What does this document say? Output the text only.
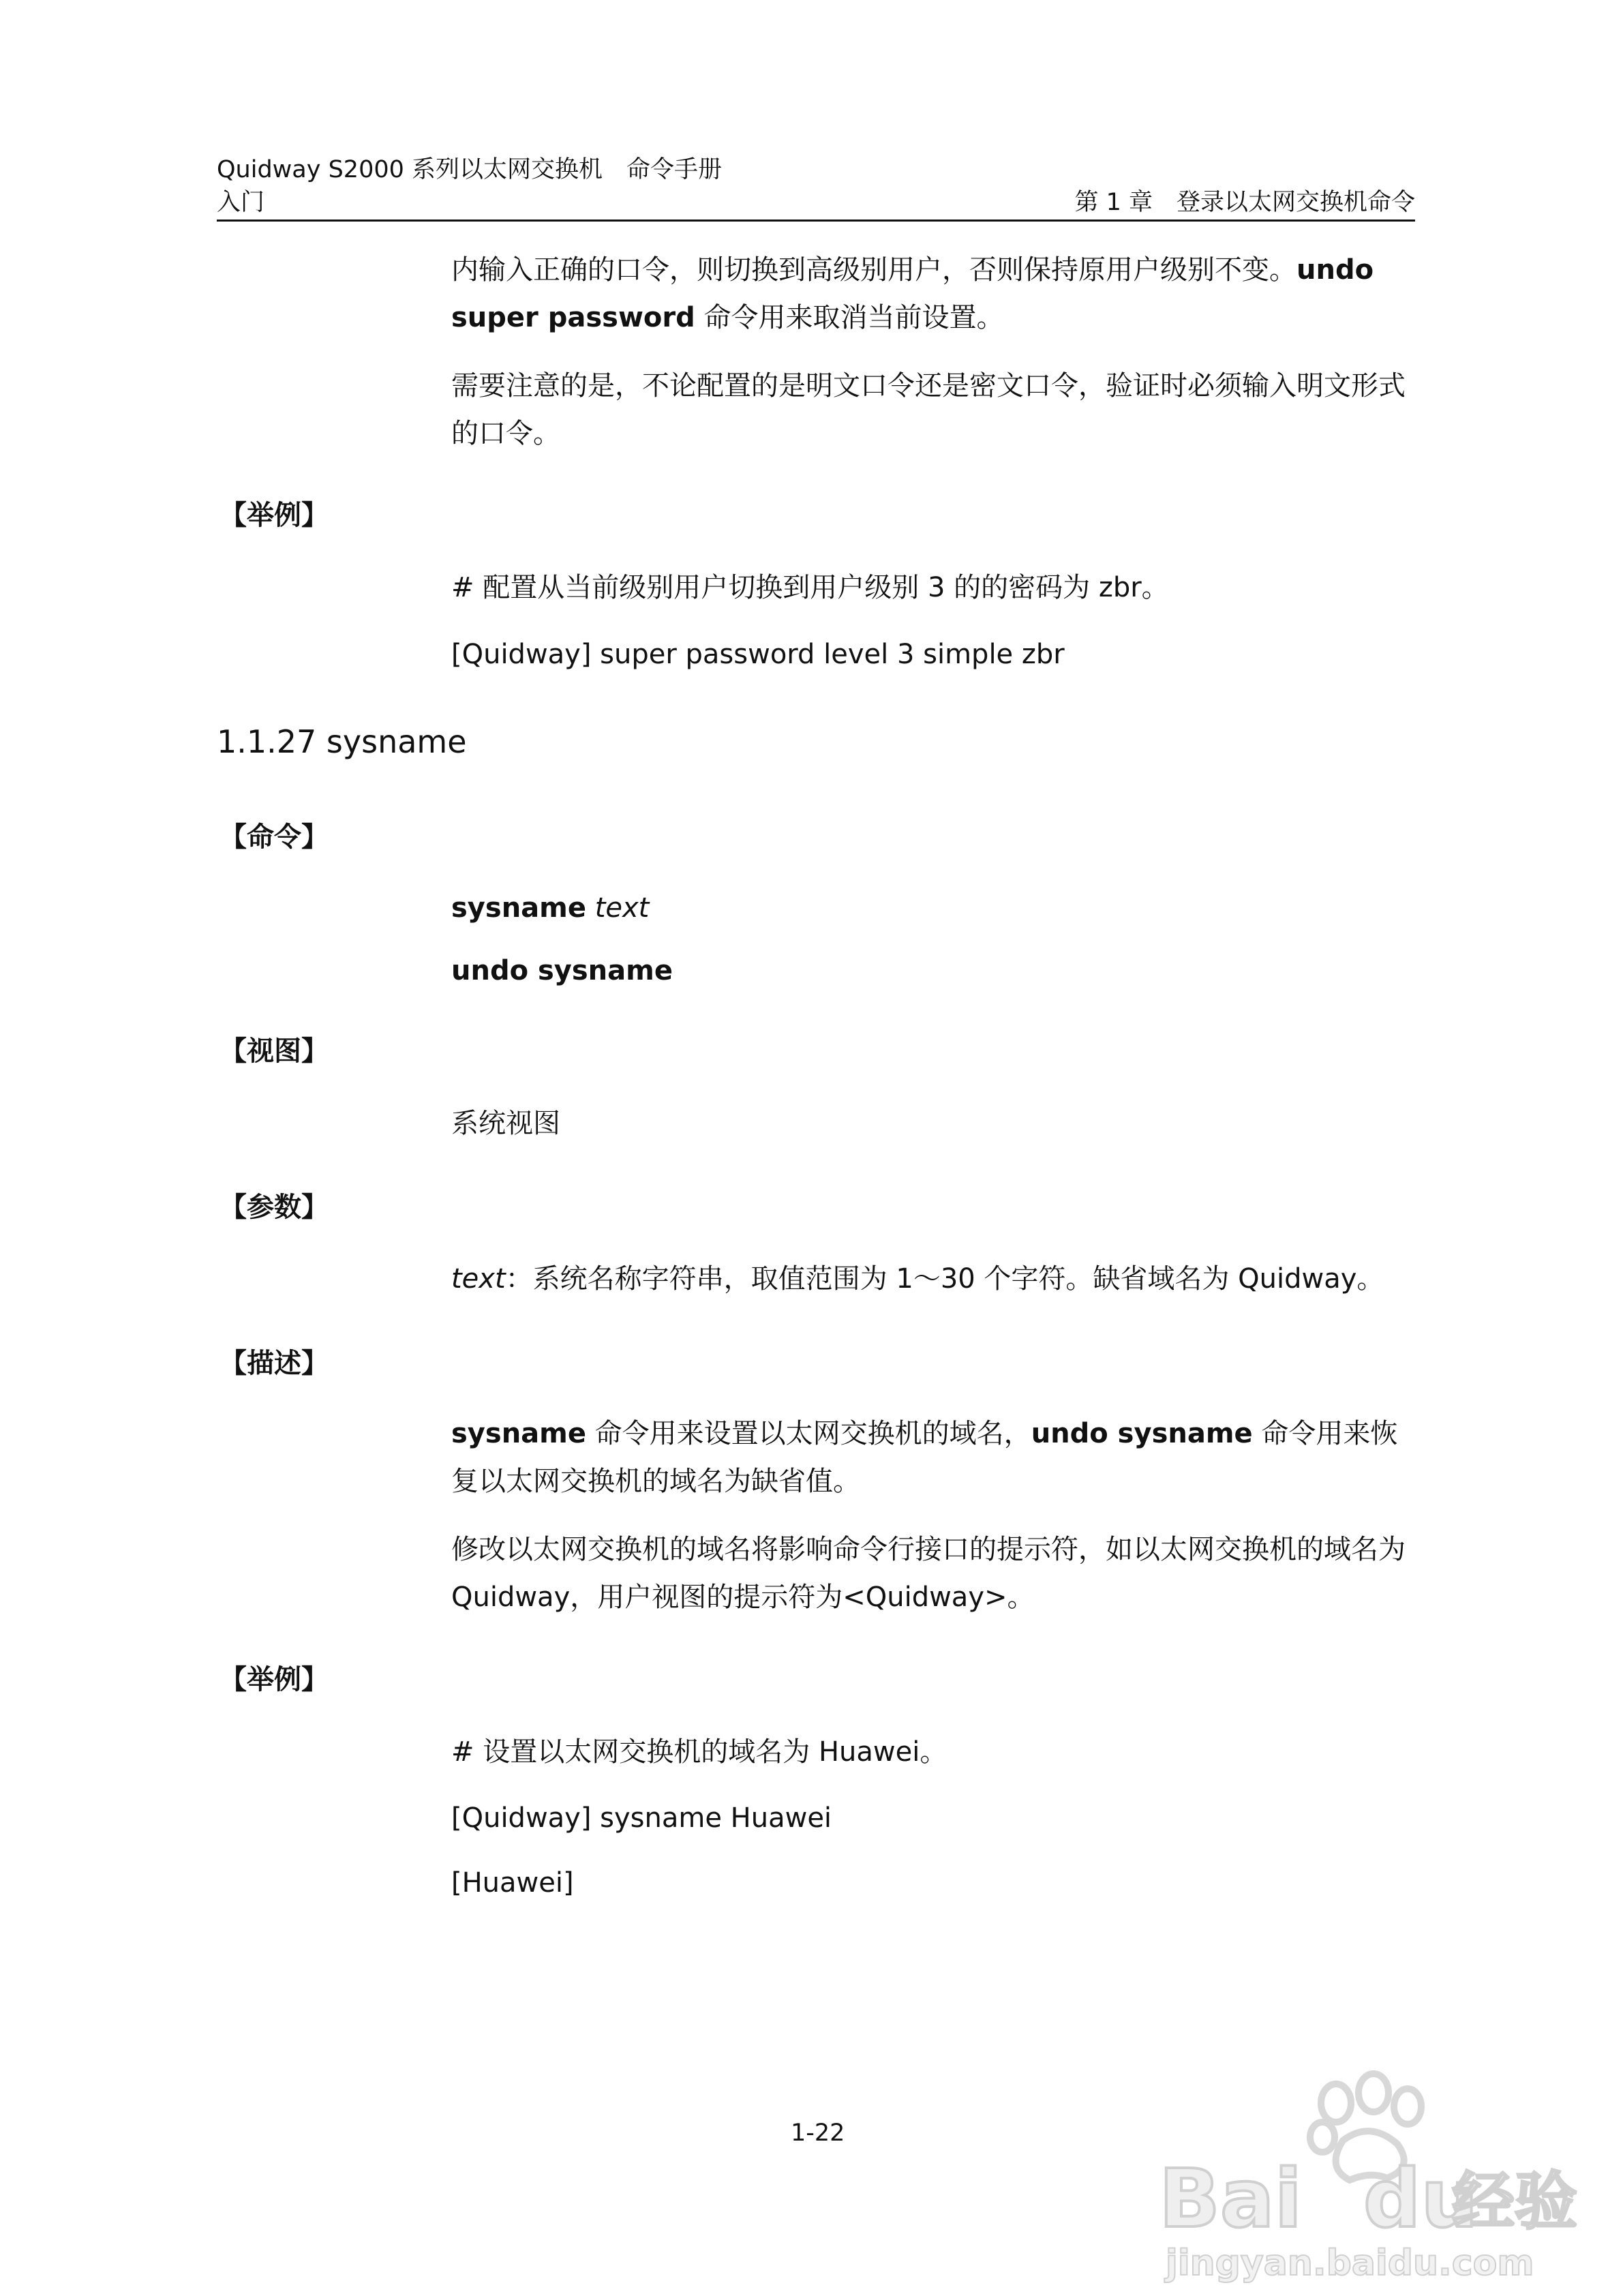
Quidway S2000 系列以太网交换机　命令手册
入门	第 1 章　登录以太网交换机命令
内输入正确的口令，则切换到高级别用户，否则保持原用户级别不变。undo super password 命令用来取消当前设置。
需要注意的是，不论配置的是明文口令还是密文口令，验证时必须输入明文形式的口令。
【举例】
# 配置从当前级别用户切换到用户级别 3 的的密码为 zbr。
[Quidway] super password level 3 simple zbr
1.1.27 sysname
【命令】
sysname text
undo sysname
【视图】
系统视图
【参数】
text：系统名称字符串，取值范围为 1～30 个字符。缺省域名为 Quidway。
【描述】
sysname 命令用来设置以太网交换机的域名，undo sysname 命令用来恢复以太网交换机的域名为缺省值。
修改以太网交换机的域名将影响命令行接口的提示符，如以太网交换机的域名为 Quidway，用户视图的提示符为<Quidway>。
【举例】
# 设置以太网交换机的域名为 Huawei。
[Quidway] sysname Huawei
[Huawei]
1-22
Bai du
经验
jingyan.baidu.com
